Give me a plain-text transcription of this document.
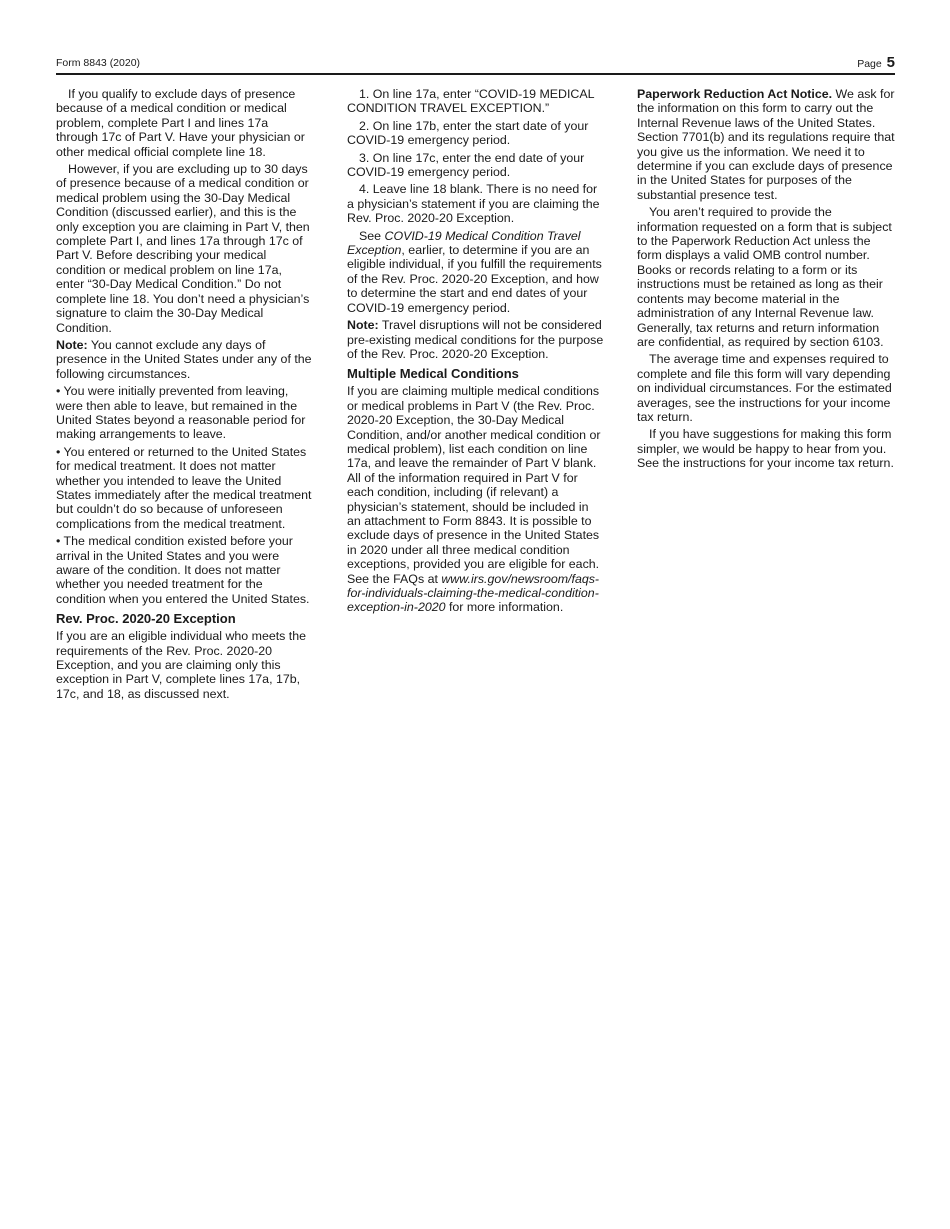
Form 8843 (2020)	Page 5

If you qualify to exclude days of presence because of a medical condition or medical problem, complete Part I and lines 17a through 17c of Part V. Have your physician or other medical official complete line 18.

However, if you are excluding up to 30 days of presence because of a medical condition or medical problem using the 30-Day Medical Condition (discussed earlier), and this is the only exception you are claiming in Part V, then complete Part I, and lines 17a through 17c of Part V. Before describing your medical condition or medical problem on line 17a, enter “30-Day Medical Condition.” Do not complete line 18. You don’t need a physician’s signature to claim the 30-Day Medical Condition.

Note: You cannot exclude any days of presence in the United States under any of the following circumstances.

• You were initially prevented from leaving, were then able to leave, but remained in the United States beyond a reasonable period for making arrangements to leave.

• You entered or returned to the United States for medical treatment. It does not matter whether you intended to leave the United States immediately after the medical treatment but couldn’t do so because of unforeseen complications from the medical treatment.

• The medical condition existed before your arrival in the United States and you were aware of the condition. It does not matter whether you needed treatment for the condition when you entered the United States.

Rev. Proc. 2020-20 Exception

If you are an eligible individual who meets the requirements of the Rev. Proc. 2020-20 Exception, and you are claiming only this exception in Part V, complete lines 17a, 17b, 17c, and 18, as discussed next.

1. On line 17a, enter “COVID-19 MEDICAL CONDITION TRAVEL EXCEPTION.”

2. On line 17b, enter the start date of your COVID-19 emergency period.

3. On line 17c, enter the end date of your COVID-19 emergency period.

4. Leave line 18 blank. There is no need for a physician’s statement if you are claiming the Rev. Proc. 2020-20 Exception.

See COVID-19 Medical Condition Travel Exception, earlier, to determine if you are an eligible individual, if you fulfill the requirements of the Rev. Proc. 2020-20 Exception, and how to determine the start and end dates of your COVID-19 emergency period.

Note: Travel disruptions will not be considered pre-existing medical conditions for the purpose of the Rev. Proc. 2020-20 Exception.

Multiple Medical Conditions

If you are claiming multiple medical conditions or medical problems in Part V (the Rev. Proc. 2020-20 Exception, the 30-Day Medical Condition, and/or another medical condition or medical problem), list each condition on line 17a, and leave the remainder of Part V blank. All of the information required in Part V for each condition, including (if relevant) a physician’s statement, should be included in an attachment to Form 8843. It is possible to exclude days of presence in the United States in 2020 under all three medical condition exceptions, provided you are eligible for each. See the FAQs at www.irs.gov/newsroom/faqs-for-individuals-claiming-the-medical-condition-exception-in-2020 for more information.

Paperwork Reduction Act Notice. We ask for the information on this form to carry out the Internal Revenue laws of the United States. Section 7701(b) and its regulations require that you give us the information. We need it to determine if you can exclude days of presence in the United States for purposes of the substantial presence test.

You aren’t required to provide the information requested on a form that is subject to the Paperwork Reduction Act unless the form displays a valid OMB control number. Books or records relating to a form or its instructions must be retained as long as their contents may become material in the administration of any Internal Revenue law. Generally, tax returns and return information are confidential, as required by section 6103.

The average time and expenses required to complete and file this form will vary depending on individual circumstances. For the estimated averages, see the instructions for your income tax return.

If you have suggestions for making this form simpler, we would be happy to hear from you. See the instructions for your income tax return.
